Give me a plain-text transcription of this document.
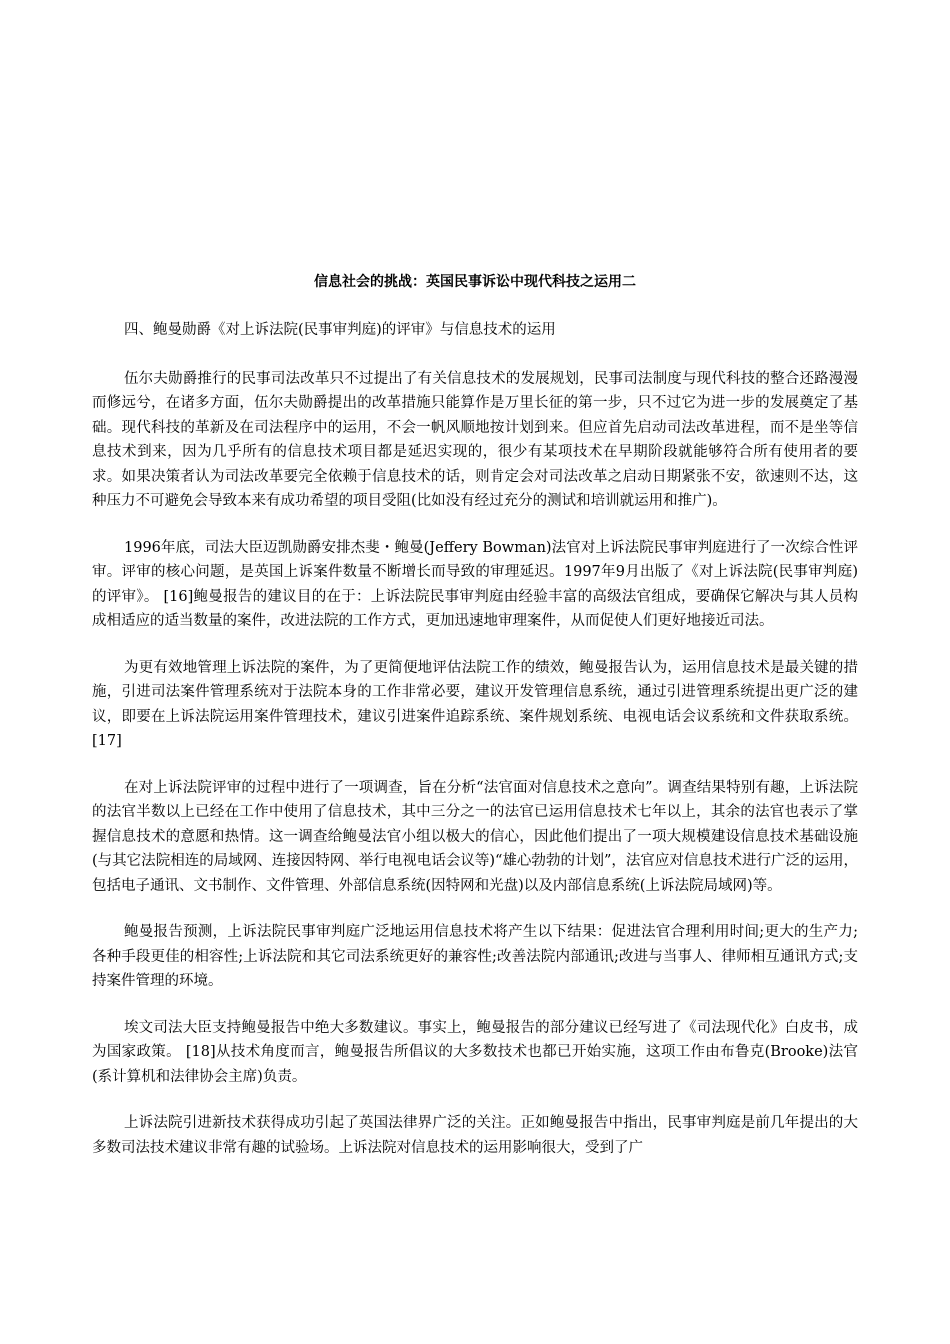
信息社会的挑战：英国民事诉讼中现代科技之运用二

四、鲍曼勋爵《对上诉法院(民事审判庭)的评审》与信息技术的运用

伍尔夫勋爵推行的民事司法改革只不过提出了有关信息技术的发展规划，民事司法制度与现代科技的整合还路漫漫而修远兮，在诸多方面，伍尔夫勋爵提出的改革措施只能算作是万里长征的第一步，只不过它为进一步的发展奠定了基础。现代科技的革新及在司法程序中的运用，不会一帆风顺地按计划到来。但应首先启动司法改革进程，而不是坐等信息技术到来，因为几乎所有的信息技术项目都是延迟实现的，很少有某项技术在早期阶段就能够符合所有使用者的要求。如果决策者认为司法改革要完全依赖于信息技术的话，则肯定会对司法改革之启动日期紧张不安，欲速则不达，这种压力不可避免会导致本来有成功希望的项目受阻(比如没有经过充分的测试和培训就运用和推广)。

1996年底，司法大臣迈凯勋爵安排杰斐・鲍曼(Jeffery Bowman)法官对上诉法院民事审判庭进行了一次综合性评审。评审的核心问题，是英国上诉案件数量不断增长而导致的审理延迟。1997年9月出版了《对上诉法院(民事审判庭)的评审》。 [16]鲍曼报告的建议目的在于：上诉法院民事审判庭由经验丰富的高级法官组成，要确保它解决与其人员构成相适应的适当数量的案件，改进法院的工作方式，更加迅速地审理案件，从而促使人们更好地接近司法。

为更有效地管理上诉法院的案件，为了更简便地评估法院工作的绩效，鲍曼报告认为，运用信息技术是最关键的措施，引进司法案件管理系统对于法院本身的工作非常必要，建议开发管理信息系统，通过引进管理系统提出更广泛的建议，即要在上诉法院运用案件管理技术，建议引进案件追踪系统、案件规划系统、电视电话会议系统和文件获取系统。 [17]

在对上诉法院评审的过程中进行了一项调查，旨在分析“法官面对信息技术之意向”。调查结果特别有趣，上诉法院的法官半数以上已经在工作中使用了信息技术，其中三分之一的法官已运用信息技术七年以上，其余的法官也表示了掌握信息技术的意愿和热情。这一调查给鲍曼法官小组以极大的信心，因此他们提出了一项大规模建设信息技术基础设施(与其它法院相连的局域网、连接因特网、举行电视电话会议等)“雄心勃勃的计划”，法官应对信息技术进行广泛的运用，包括电子通讯、文书制作、文件管理、外部信息系统(因特网和光盘)以及内部信息系统(上诉法院局域网)等。

鲍曼报告预测，上诉法院民事审判庭广泛地运用信息技术将产生以下结果：促进法官合理利用时间;更大的生产力;各种手段更佳的相容性;上诉法院和其它司法系统更好的兼容性;改善法院内部通讯;改进与当事人、律师相互通讯方式;支持案件管理的环境。

埃文司法大臣支持鲍曼报告中绝大多数建议。事实上，鲍曼报告的部分建议已经写进了《司法现代化》白皮书，成为国家政策。 [18]从技术角度而言，鲍曼报告所倡议的大多数技术也都已开始实施，这项工作由布鲁克(Brooke)法官(系计算机和法律协会主席)负责。

上诉法院引进新技术获得成功引起了英国法律界广泛的关注。正如鲍曼报告中指出，民事审判庭是前几年提出的大多数司法技术建议非常有趣的试验场。上诉法院对信息技术的运用影响很大，受到了广
